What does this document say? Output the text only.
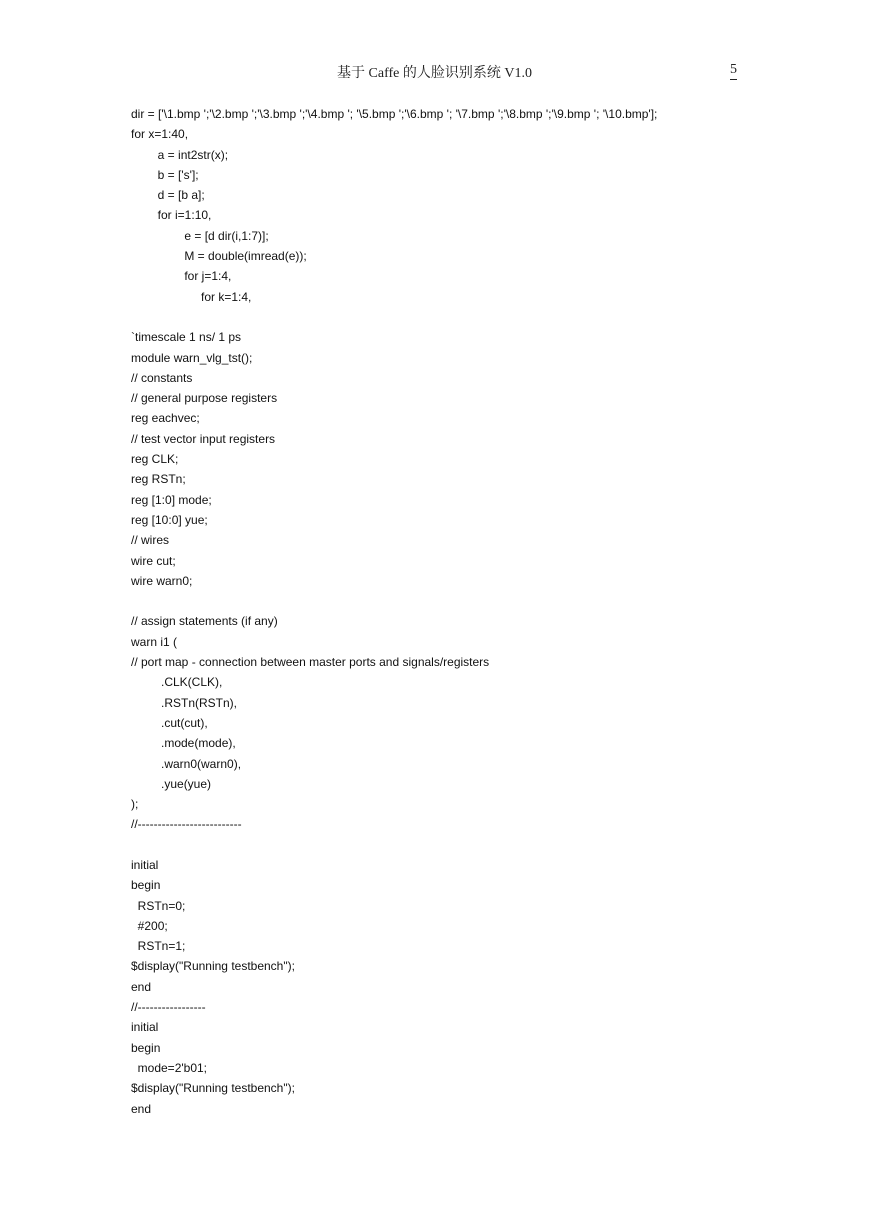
基于 Caffe 的人脸识别系统 V1.0	5
dir = ['\1.bmp ';'\2.bmp ';'\3.bmp ';'\4.bmp '; '\5.bmp ';'\6.bmp '; '\7.bmp ';'\8.bmp ';'\9.bmp '; '\10.bmp'];
for x=1:40,
a = int2str(x);
b = ['s'];
d = [b a];
for i=1:10,
e = [d dir(i,1:7)];
M = double(imread(e));
for j=1:4,
for k=1:4,
`timescale 1 ns/ 1 ps
module warn_vlg_tst();
// constants
// general purpose registers
reg eachvec;
// test vector input registers
reg CLK;
reg RSTn;
reg [1:0] mode;
reg [10:0] yue;
// wires
wire cut;
wire warn0;
// assign statements (if any)
warn i1 (
// port map - connection between master ports and signals/registers
.CLK(CLK),
.RSTn(RSTn),
.cut(cut),
.mode(mode),
.warn0(warn0),
.yue(yue)
);
//--------------------------
initial
begin
RSTn=0;
#200;
RSTn=1;
$display("Running testbench");
end
//-----------------
initial
begin
mode=2'b01;
$display("Running testbench");
end
